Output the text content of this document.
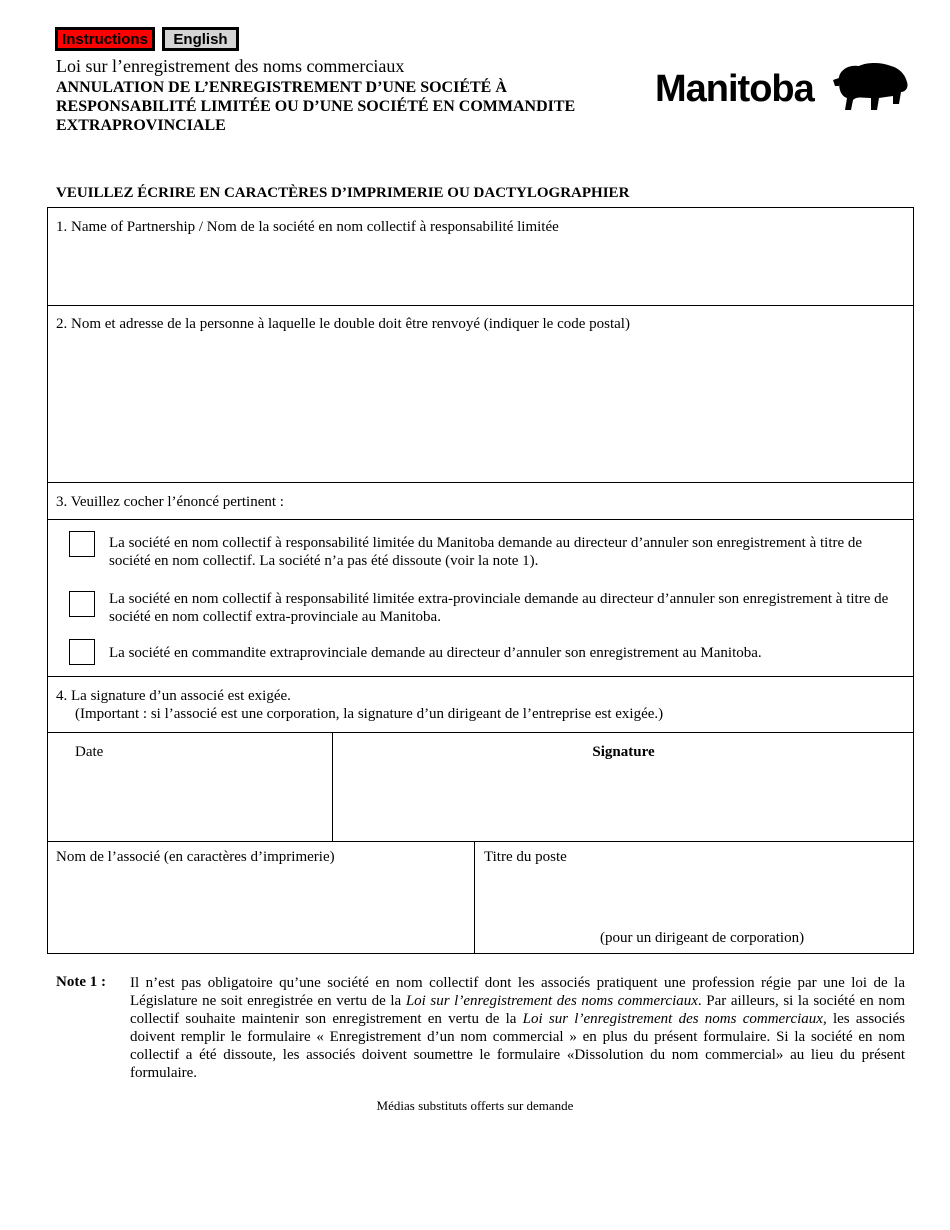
Instructions	English
Loi sur l’enregistrement des noms commerciaux
ANNULATION DE L’ENREGISTREMENT D’UNE SOCIÉTÉ À RESPONSABILITÉ LIMITÉE OU D’UNE SOCIÉTÉ EN COMMANDITE EXTRAPROVINCIALE
Manitoba
VEUILLEZ ÉCRIRE EN CARACTÈRES D’IMPRIMERIE OU DACTYLOGRAPHIER
1. Name of Partnership / Nom de la société en nom collectif à responsabilité limitée
2. Nom et adresse de la personne à laquelle le double doit être renvoyé (indiquer le code postal)
3. Veuillez cocher l’énoncé pertinent :
La société en nom collectif à responsabilité limitée du Manitoba demande au directeur d’annuler son enregistrement à titre de société en nom collectif. La société n’a pas été dissoute (voir la note 1).
La société en nom collectif à responsabilité limitée extra-provinciale demande au directeur d’annuler son enregistrement à titre de société en nom collectif extra-provinciale au Manitoba.
La société en commandite extraprovinciale demande au directeur d’annuler son enregistrement au Manitoba.
4. La signature d’un associé est exigée.
(Important : si l’associé est une corporation, la signature d’un dirigeant de l’entreprise est exigée.)
Date	Signature
Nom de l’associé (en caractères d’imprimerie)	Titre du poste
(pour un dirigeant de corporation)
Note 1 : Il n’est pas obligatoire qu’une société en nom collectif dont les associés pratiquent une profession régie par une loi de la Législature ne soit enregistrée en vertu de la Loi sur l’enregistrement des noms commerciaux. Par ailleurs, si la société en nom collectif souhaite maintenir son enregistrement en vertu de la Loi sur l’enregistrement des noms commerciaux, les associés doivent remplir le formulaire « Enregistrement d’un nom commercial » en plus du présent formulaire. Si la société en nom collectif a été dissoute, les associés doivent soumettre le formulaire «Dissolution du nom commercial» au lieu du présent formulaire.
Médias substituts offerts sur demande
